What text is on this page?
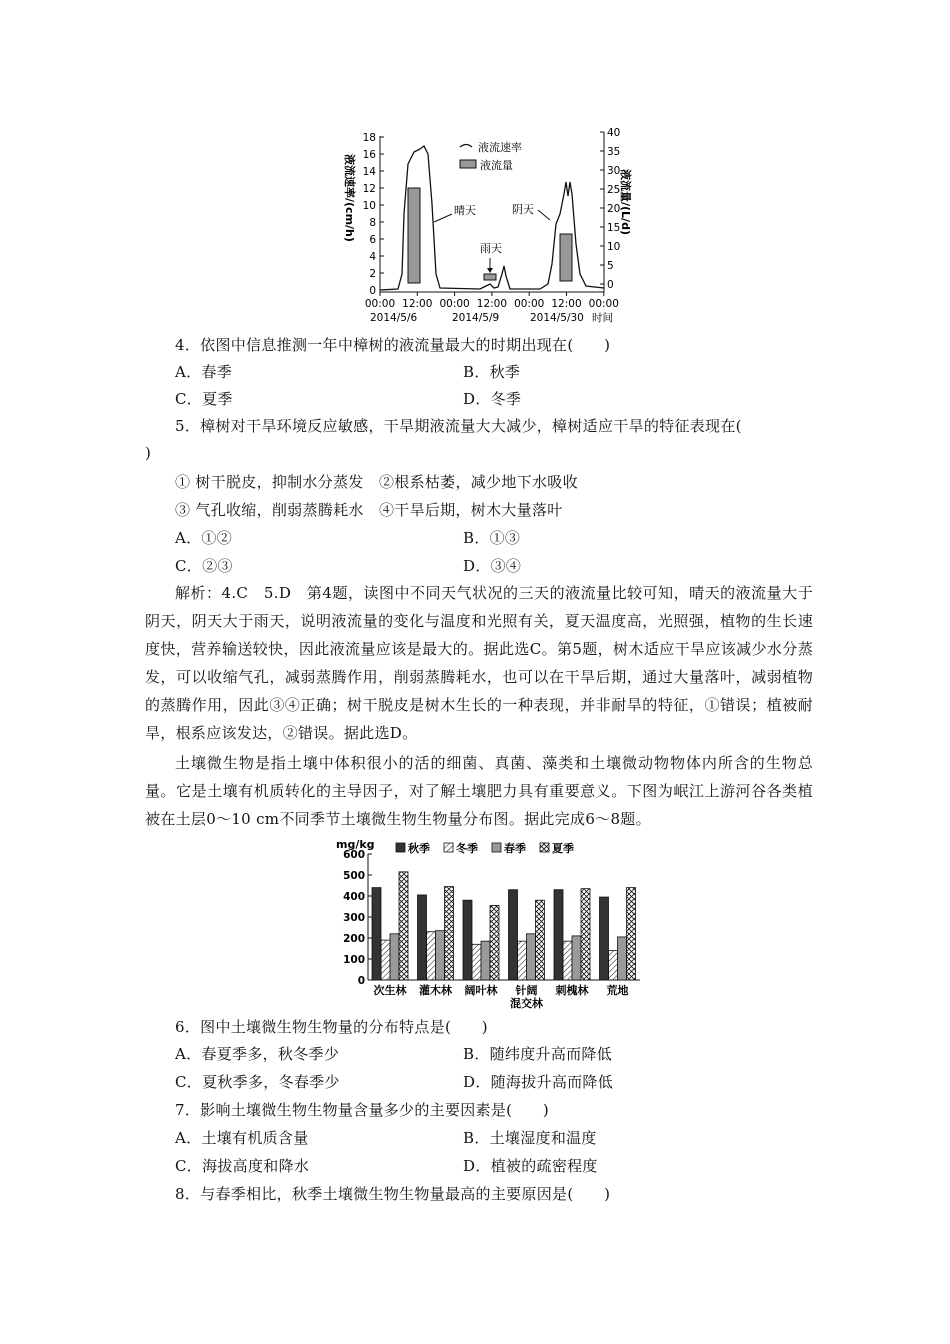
液流速率/(cm/h)	液流量/(L/d)
0
2
4
6
8
10
12
14
16
18
0
5
10
15
20
25
30
35
40
液流速率
液流量
晴天
雨天
阴天
00:00 12:00 00:00 12:00 00:00 12:00 00:00
2014/5/6	2014/5/9	2014/5/30 时间
4．依图中信息推测一年中樟树的液流量最大的时期出现在(　　)
A．春季	B．秋季
C．夏季	D．冬季
5．樟树对干旱环境反应敏感，干旱期液流量大大减少，樟树适应干旱的特征表现在(
)
① 树干脱皮，抑制水分蒸发　②根系枯萎，减少地下水吸收
③ 气孔收缩，削弱蒸腾耗水　④干旱后期，树木大量落叶
A．①②	B．①③
C．②③	D．③④
解析：4.C　5.D　第4题，读图中不同天气状况的三天的液流量比较可知，晴天的液流量大于阴天，阴天大于雨天，说明液流量的变化与温度和光照有关，夏天温度高，光照强，植物的生长速度快，营养输送较快，因此液流量应该是最大的。据此选C。第5题，树木适应干旱应该减少水分蒸发，可以收缩气孔，减弱蒸腾作用，削弱蒸腾耗水，也可以在干旱后期，通过大量落叶，减弱植物的蒸腾作用，因此③④正确；树干脱皮是树木生长的一种表现，并非耐旱的特征，①错误；植被耐旱，根系应该发达，②错误。据此选D。
土壤微生物是指土壤中体积很小的活的细菌、真菌、藻类和土壤微动物物体内所含的生物总量。它是土壤有机质转化的主导因子，对了解土壤肥力具有重要意义。下图为岷江上游河谷各类植被在土层0～10 cm不同季节土壤微生物生物量分布图。据此完成6～8题。
mg/kg
0
100
200
300
400
500
600	秋季 冬季 春季 夏季
次生林 灌木林 阔叶林 针阔
混交林
刺槐林 荒地
6．图中土壤微生物生物量的分布特点是(　　)
A．春夏季多，秋冬季少	B．随纬度升高而降低
C．夏秋季多，冬春季少	D．随海拔升高而降低
7．影响土壤微生物生物量含量多少的主要因素是(　　)
A．土壤有机质含量	B．土壤湿度和温度
C．海拔高度和降水	D．植被的疏密程度
8．与春季相比，秋季土壤微生物生物量最高的主要原因是(　　)
